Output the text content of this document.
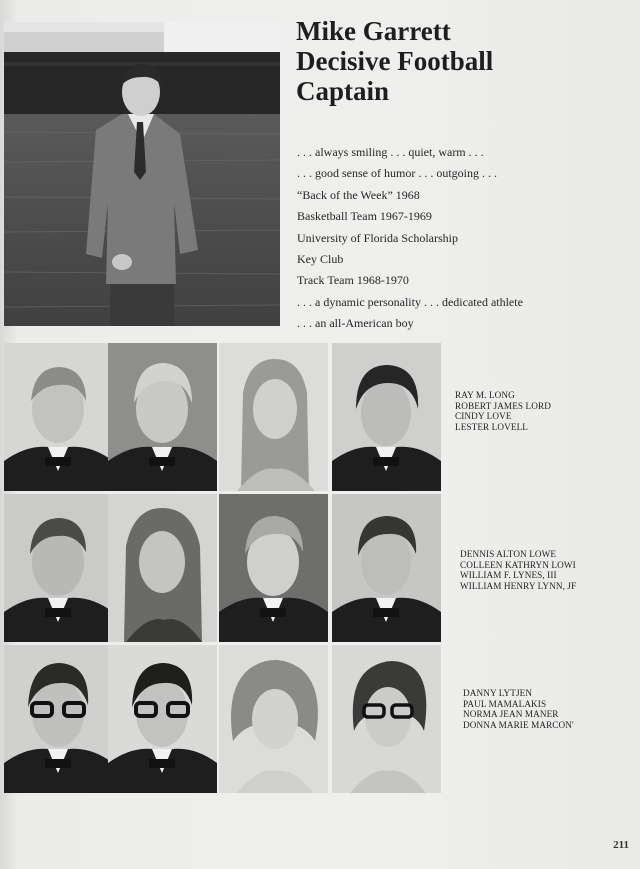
Mike Garrett
Decisive Football
Captain
. . . always smiling . . . quiet, warm . . .
. . . good sense of humor . . . outgoing . . .
“Back of the Week” 1968
Basketball Team 1967-1969
University of Florida Scholarship
Key Club
Track Team 1968-1970
. . . a dynamic personality . . . dedicated athlete
. . . an all-American boy
RAY M. LONG
ROBERT JAMES LORD
CINDY LOVE
LESTER LOVELL
DENNIS ALTON LOWE
COLLEEN KATHRYN LOWI
WILLIAM F. LYNES, III
WILLIAM HENRY LYNN, JF
DANNY LYTJEN
PAUL MAMALAKIS
NORMA JEAN MANER
DONNA MARIE MARCON'
211
